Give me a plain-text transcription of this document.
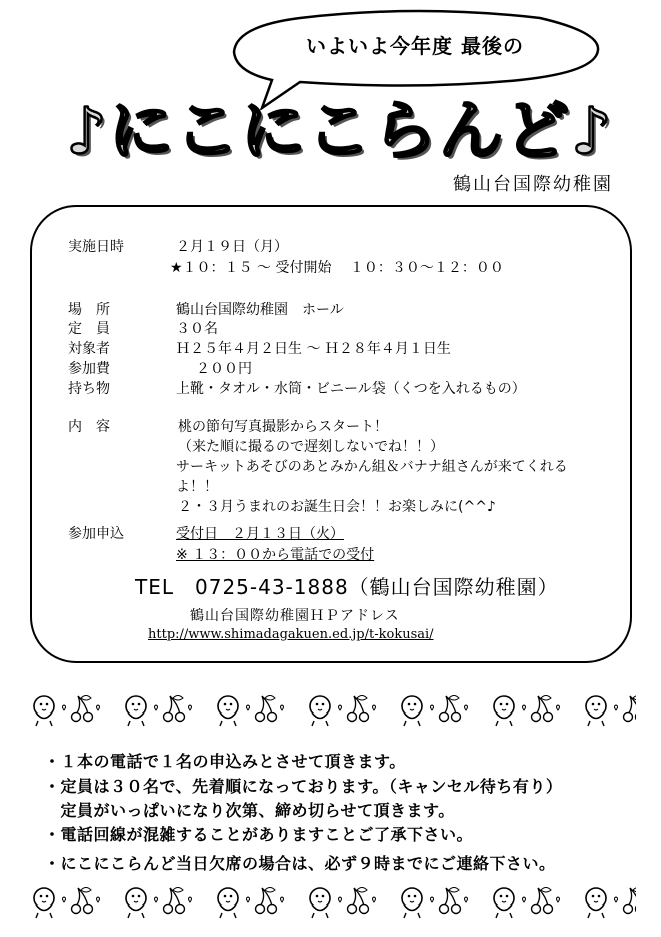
いよいよ今年度 最後の
♪にこにこらんど♪
鶴山台国際幼稚園
実施日時	２月１９日（月）
★１０：１５ ～ 受付開始　 １０：３０～１２：００
場　所	鶴山台国際幼稚園　ホール
定　員	３０名
対象者	Ｈ２５年４月２日生 ～ Ｈ２８年４月１日生
参加費	２００円
持ち物	上靴・タオル・水筒・ビニール袋（くつを入れるもの）
内　容	桃の節句写真撮影からスタート！
（来た順に撮るので遅刻しないでね！！）
サーキットあそびのあとみかん組＆バナナ組さんが来てくれる
よ！！
２・３月うまれのお誕生日会！！お楽しみに(^^♪
参加申込	受付日　２月１３日（火）
※ １３：００から電話での受付
TEL　0725-43-1888（鶴山台国際幼稚園）
鶴山台国際幼稚園ＨＰアドレス
http://www.shimadagakuen.ed.jp/t-kokusai/
・１本の電話で１名の申込みとさせて頂きます。
・定員は３０名で、先着順になっております。（キャンセル待ち有り）
　定員がいっぱいになり次第、締め切らせて頂きます。
・電話回線が混雑することがありますことご了承下さい。
・にこにこらんど当日欠席の場合は、必ず９時までにご連絡下さい。
